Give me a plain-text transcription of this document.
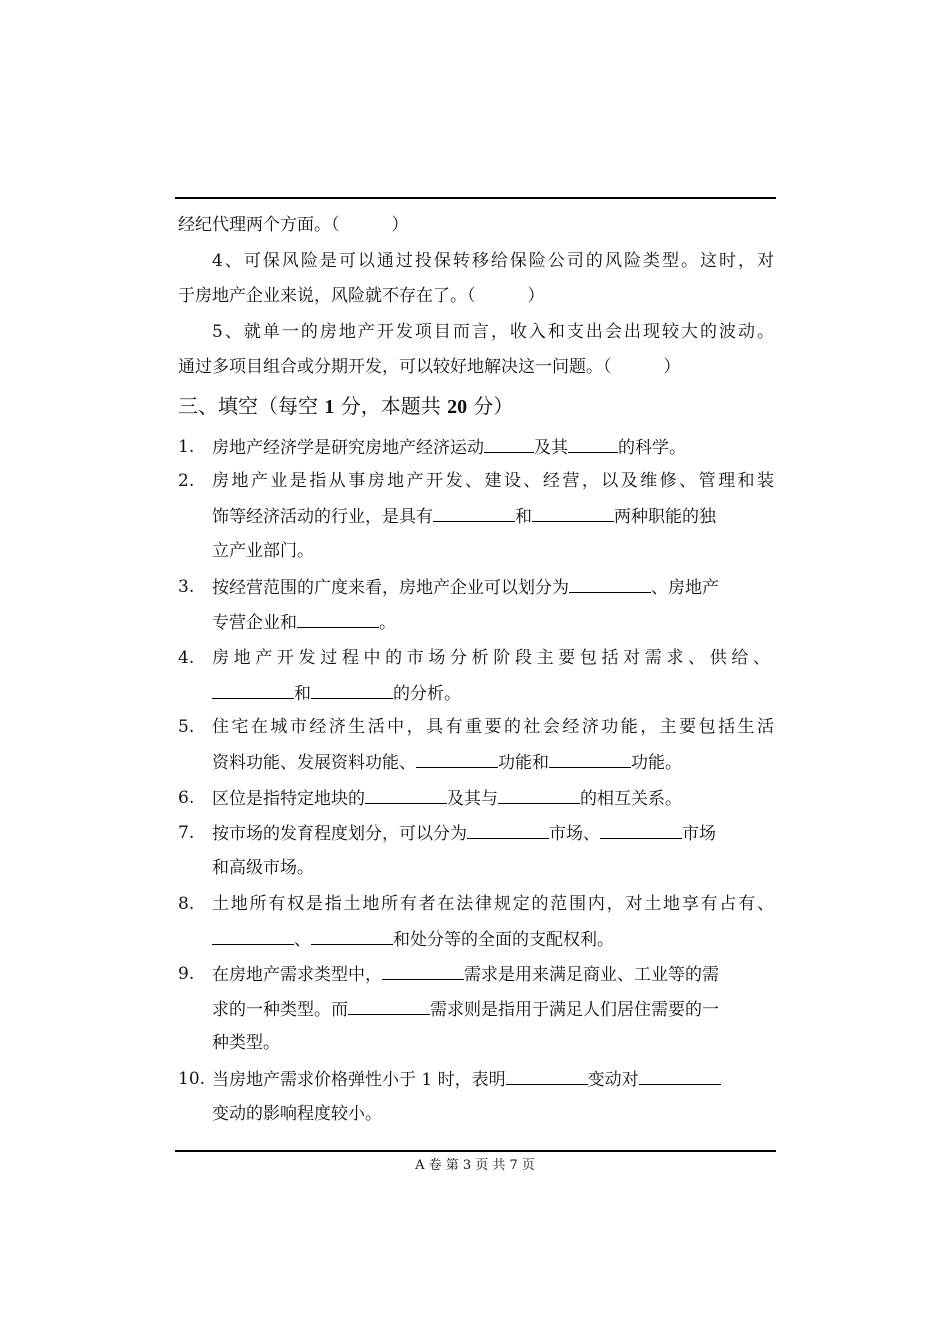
经纪代理两个方面。（	）
4、可保风险是可以通过投保转移给保险公司的风险类型。这时，对
于房地产企业来说，风险就不存在了。（	）
5、就单一的房地产开发项目而言，收入和支出会出现较大的波动。
通过多项目组合或分期开发，可以较好地解决这一问题。（	）
三、填空（每空 1 分，本题共 20 分）
1. 房地产经济学是研究房地产经济运动	及其	的科学。
2. 房地产业是指从事房地产开发、建设、经营，以及维修、管理和装
饰等经济活动的行业，是具有	和	两种职能的独
立产业部门。
3. 按经营范围的广度来看，房地产企业可以划分为	、房地产
专营企业和	。
4. 房地产开发过程中的市场分析阶段主要包括对需求、供给、
和	的分析。
5. 住宅在城市经济生活中，具有重要的社会经济功能，主要包括生活
资料功能、发展资料功能、	功能和	功能。
6. 区位是指特定地块的	及其与	的相互关系。
7. 按市场的发育程度划分，可以分为	市场、	市场
和高级市场。
8. 土地所有权是指土地所有者在法律规定的范围内，对土地享有占有、
、	和处分等的全面的支配权利。
9. 在房地产需求类型中，	需求是用来满足商业、工业等的需
求的一种类型。而	需求则是指用于满足人们居住需要的一
种类型。
10. 当房地产需求价格弹性小于 1 时，表明	变动对
变动的影响程度较小。
A 卷 第 3 页 共 7 页
